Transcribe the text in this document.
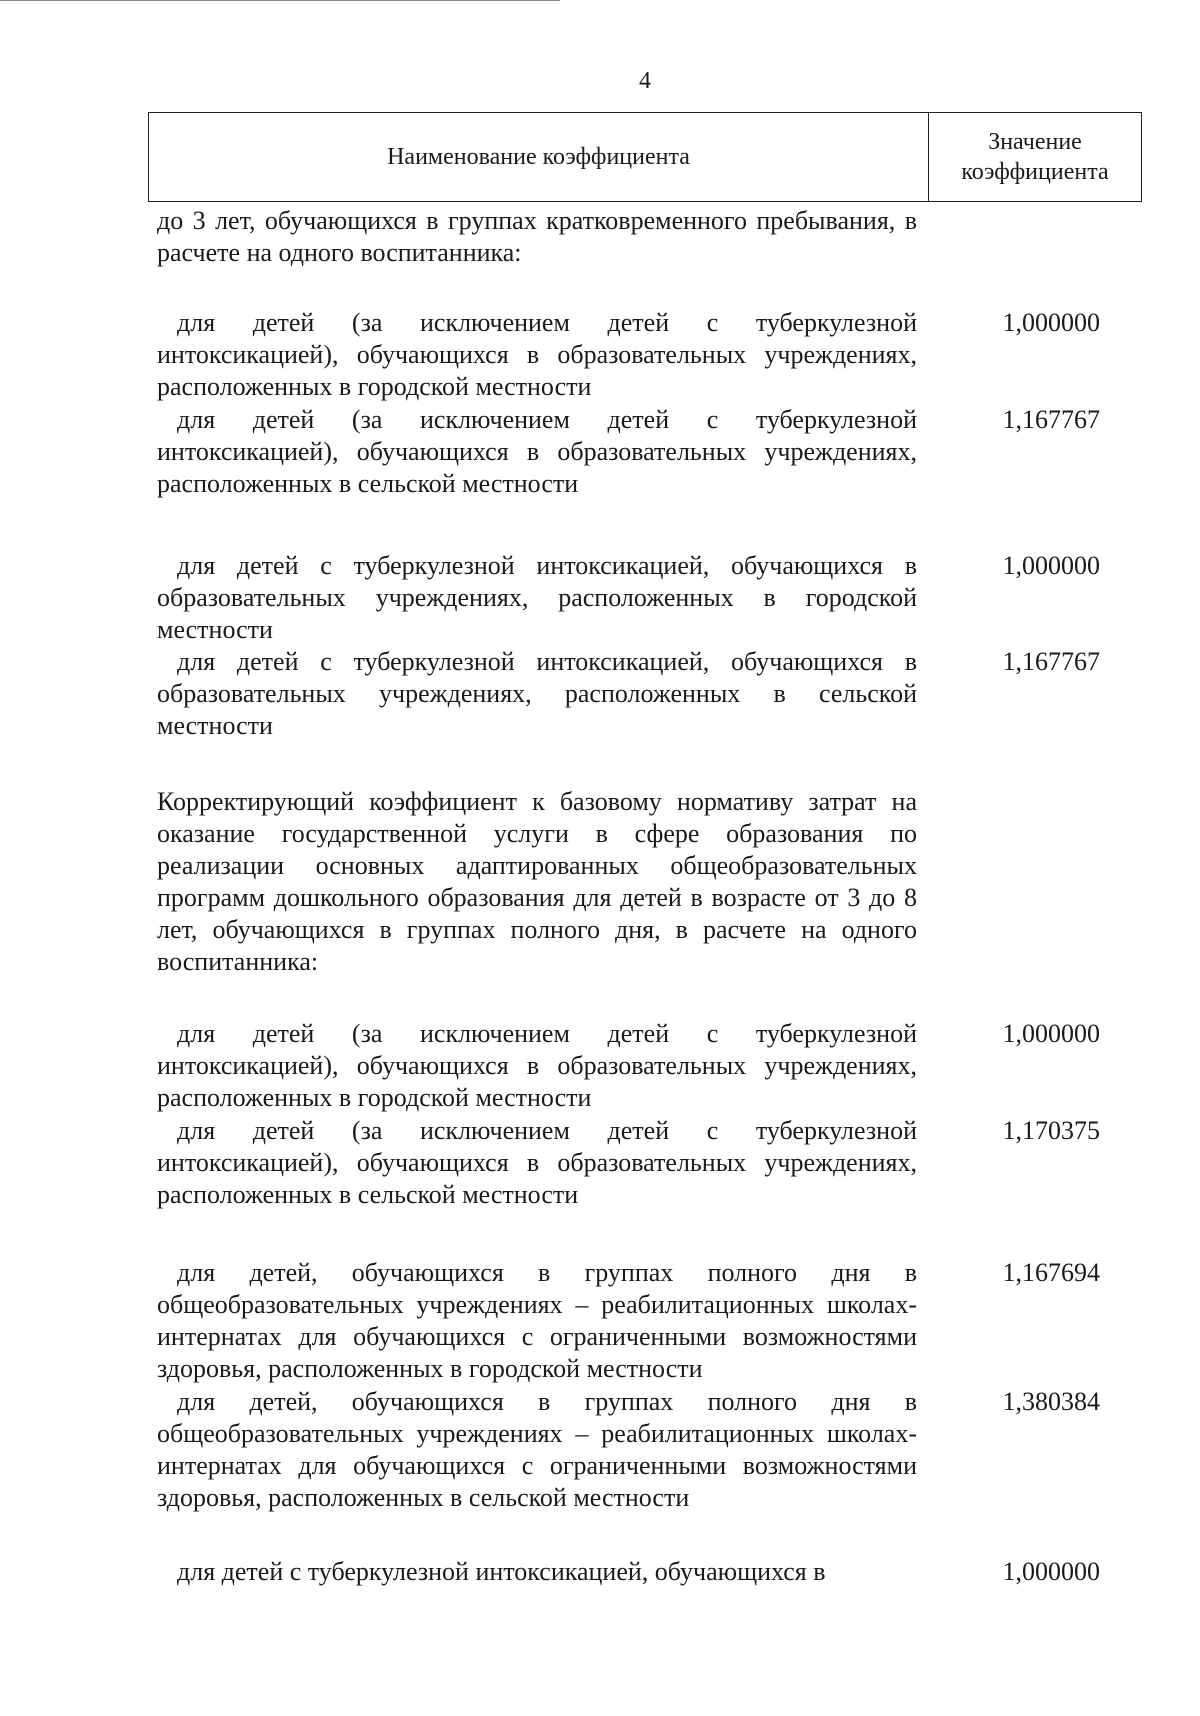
4
Наименование коэффициента
Значение коэффициента
до 3 лет, обучающихся в группах кратковременного пребывания, в расчете на одного воспитанника:
для детей (за исключением детей с туберкулезной интоксикацией), обучающихся в образовательных учреждениях, расположенных в городской местности
1,000000
для детей (за исключением детей с туберкулезной интоксикацией), обучающихся в образовательных учреждениях, расположенных в сельской местности
1,167767
для детей с туберкулезной интоксикацией, обучающихся в образовательных учреждениях, расположенных в городской местности
1,000000
для детей с туберкулезной интоксикацией, обучающихся в образовательных учреждениях, расположенных в сельской местности
1,167767
Корректирующий коэффициент к базовому нормативу затрат на оказание государственной услуги в сфере образования по реализации основных адаптированных общеобразовательных программ дошкольного образования для детей в возрасте от 3 до 8 лет, обучающихся в группах полного дня, в расчете на одного воспитанника:
для детей (за исключением детей с туберкулезной интоксикацией), обучающихся в образовательных учреждениях, расположенных в городской местности
1,000000
для детей (за исключением детей с туберкулезной интоксикацией), обучающихся в образовательных учреждениях, расположенных в сельской местности
1,170375
для детей, обучающихся в группах полного дня в общеобразовательных учреждениях – реабилитационных школах-интернатах для обучающихся с ограниченными возможностями здоровья, расположенных в городской местности
1,167694
для детей, обучающихся в группах полного дня в общеобразовательных учреждениях – реабилитационных школах-интернатах для обучающихся с ограниченными возможностями здоровья, расположенных в сельской местности
1,380384
для детей с туберкулезной интоксикацией, обучающихся в	1,000000
